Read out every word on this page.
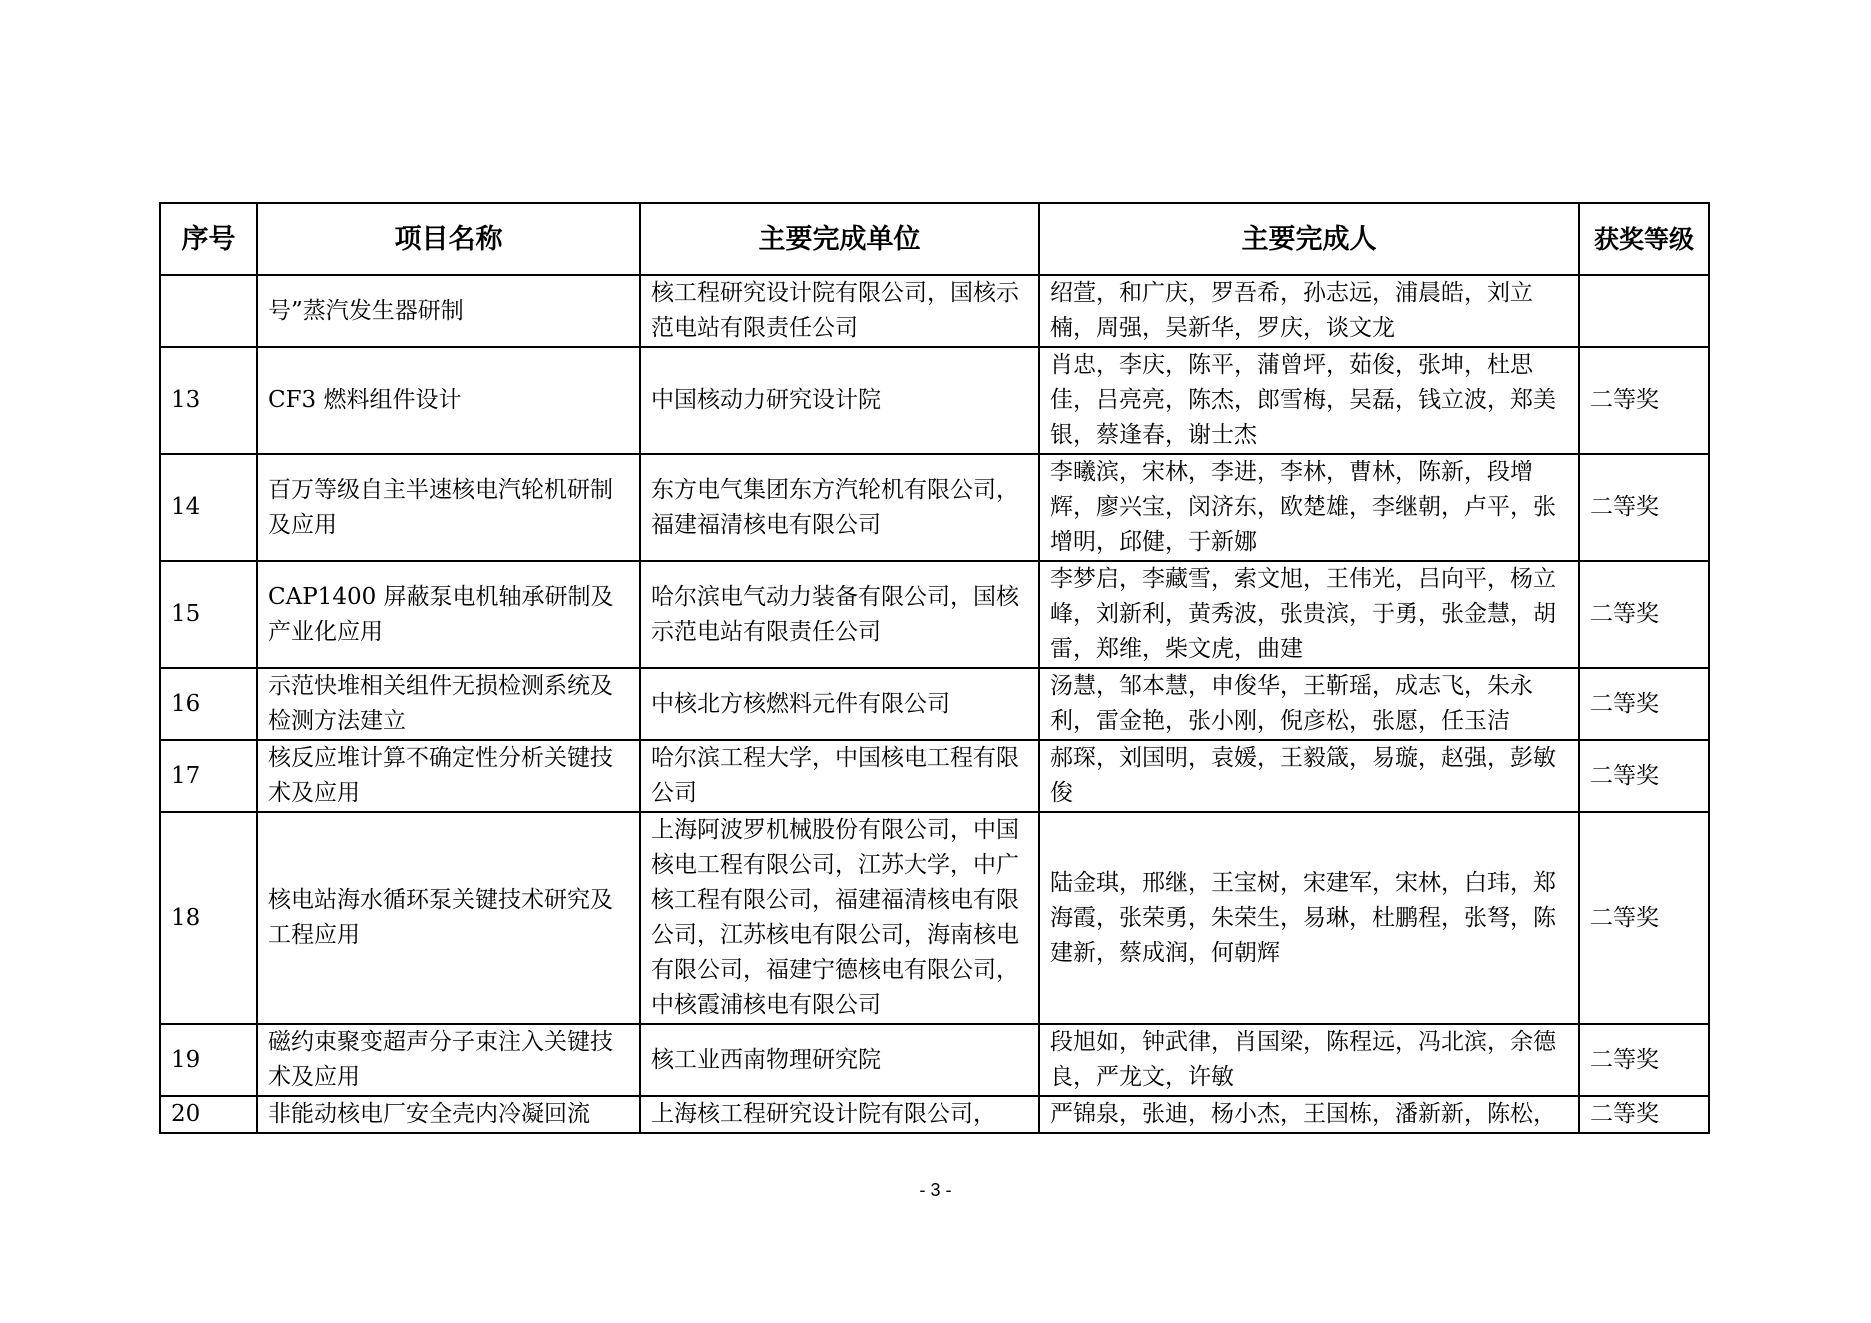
序号	项目名称	主要完成单位	主要完成人	获奖等级
	号”蒸汽发生器研制	核工程研究设计院有限公司，国核示范电站有限责任公司	绍萱，和广庆，罗吾希，孙志远，浦晨皓，刘立楠，周强，吴新华，罗庆，谈文龙	
13	CF3 燃料组件设计	中国核动力研究设计院	肖忠，李庆，陈平，蒲曾坪，茹俊，张坤，杜思佳，吕亮亮，陈杰，郎雪梅，吴磊，钱立波，郑美银，蔡逢春，谢士杰	二等奖
14	百万等级自主半速核电汽轮机研制及应用	东方电气集团东方汽轮机有限公司，福建福清核电有限公司	李曦滨，宋林，李进，李林，曹林，陈新，段增辉，廖兴宝，闵济东，欧楚雄，李继朝，卢平，张增明，邱健，于新娜	二等奖
15	CAP1400 屏蔽泵电机轴承研制及产业化应用	哈尔滨电气动力装备有限公司，国核示范电站有限责任公司	李梦启，李藏雪，索文旭，王伟光，吕向平，杨立峰，刘新利，黄秀波，张贵滨，于勇，张金慧，胡雷，郑维，柴文虎，曲建	二等奖
16	示范快堆相关组件无损检测系统及检测方法建立	中核北方核燃料元件有限公司	汤慧，邹本慧，申俊华，王靳瑶，成志飞，朱永利，雷金艳，张小刚，倪彦松，张愿，任玉洁	二等奖
17	核反应堆计算不确定性分析关键技术及应用	哈尔滨工程大学，中国核电工程有限公司	郝琛，刘国明，袁媛，王毅箴，易璇，赵强，彭敏俊	二等奖
18	核电站海水循环泵关键技术研究及工程应用	上海阿波罗机械股份有限公司，中国核电工程有限公司，江苏大学，中广核工程有限公司，福建福清核电有限公司，江苏核电有限公司，海南核电有限公司，福建宁德核电有限公司，中核霞浦核电有限公司	陆金琪，邢继，王宝树，宋建军，宋林，白玮，郑海霞，张荣勇，朱荣生，易琳，杜鹏程，张弩，陈建新，蔡成润，何朝辉	二等奖
19	磁约束聚变超声分子束注入关键技术及应用	核工业西南物理研究院	段旭如，钟武律，肖国梁，陈程远，冯北滨，余德良，严龙文，许敏	二等奖
20	非能动核电厂安全壳内冷凝回流	上海核工程研究设计院有限公司，	严锦泉，张迪，杨小杰，王国栋，潘新新，陈松，	二等奖
- 3 -
